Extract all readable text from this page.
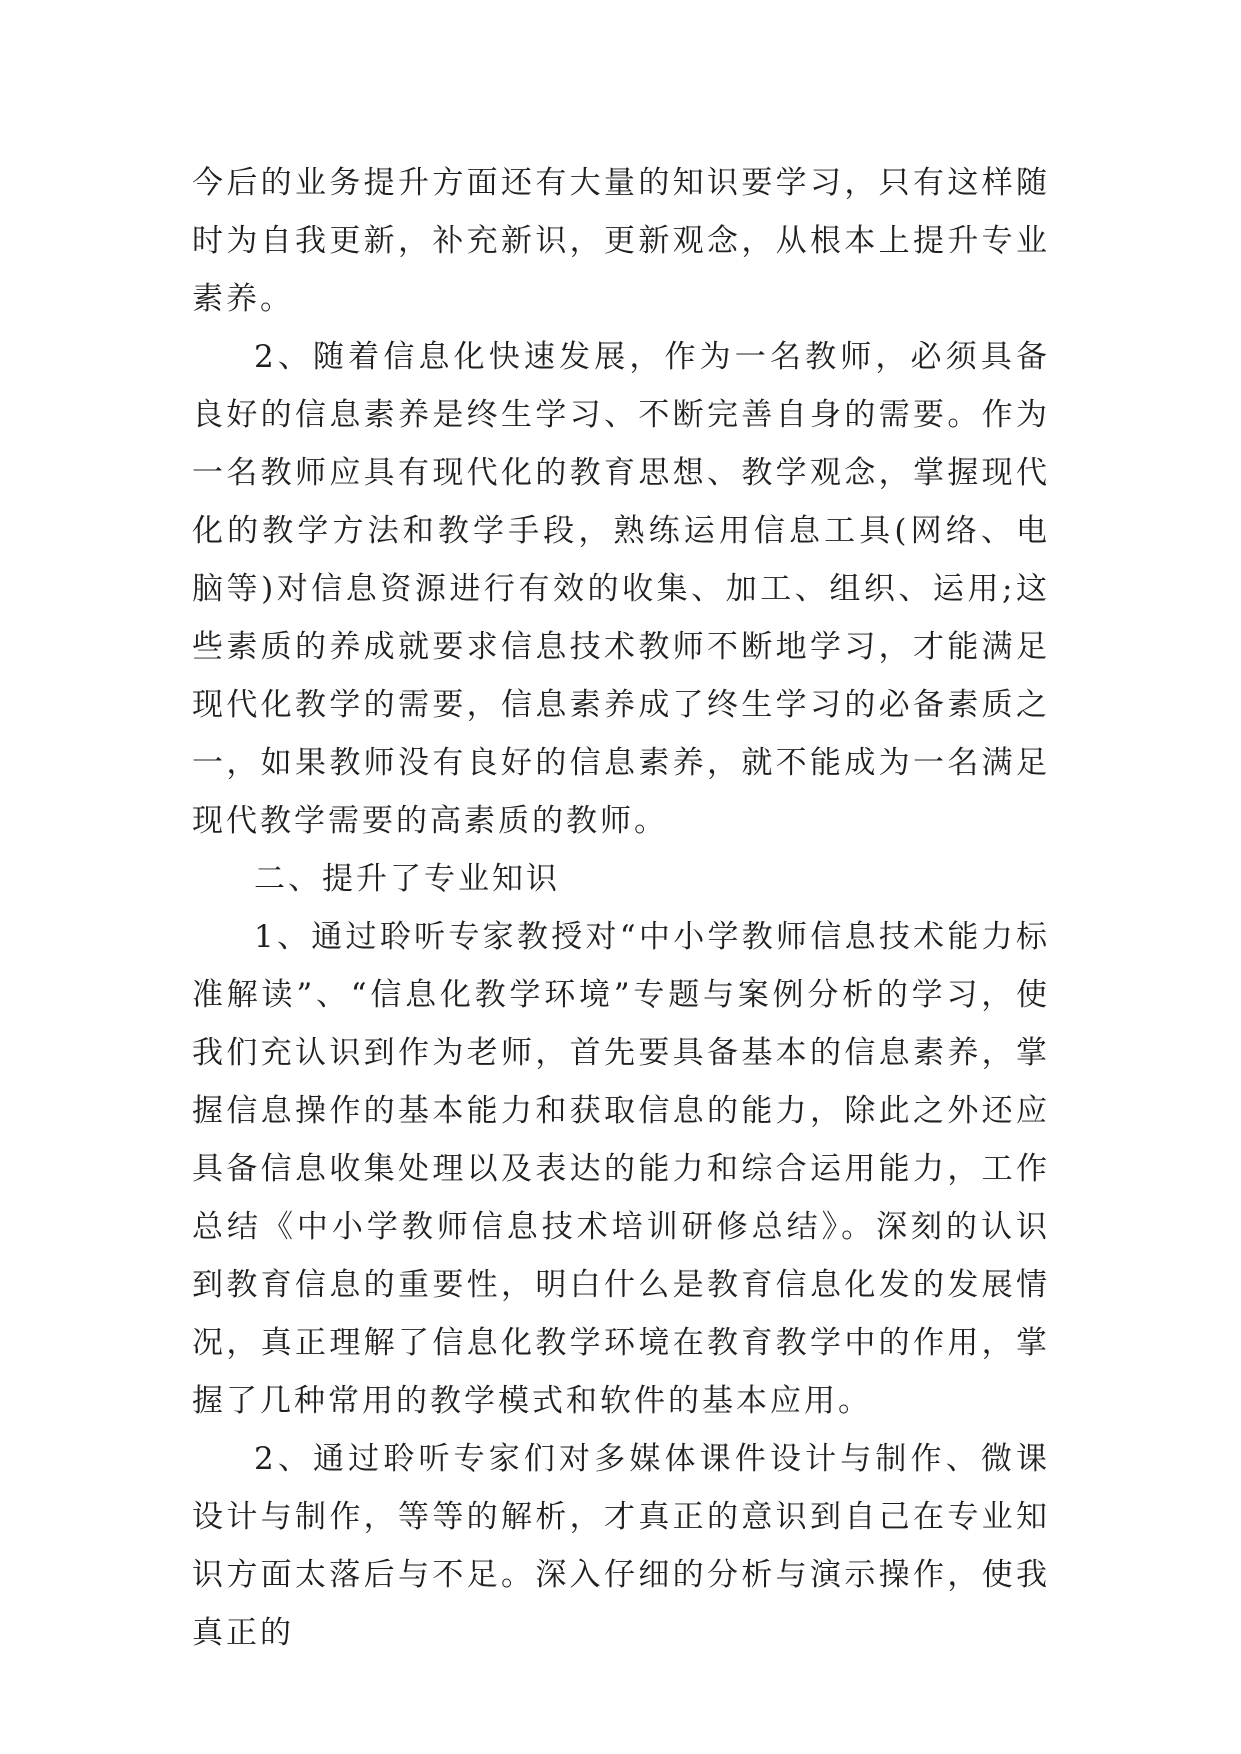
今后的业务提升方面还有大量的知识要学习，只有这样随时为自我更新，补充新识，更新观念，从根本上提升专业素养。

2、随着信息化快速发展，作为一名教师，必须具备良好的信息素养是终生学习、不断完善自身的需要。作为一名教师应具有现代化的教育思想、教学观念，掌握现代化的教学方法和教学手段，熟练运用信息工具(网络、电脑等)对信息资源进行有效的收集、加工、组织、运用;这些素质的养成就要求信息技术教师不断地学习，才能满足现代化教学的需要，信息素养成了终生学习的必备素质之一，如果教师没有良好的信息素养，就不能成为一名满足现代教学需要的高素质的教师。

二、提升了专业知识

1、通过聆听专家教授对“中小学教师信息技术能力标准解读”、“信息化教学环境”专题与案例分析的学习，使我们充认识到作为老师，首先要具备基本的信息素养，掌握信息操作的基本能力和获取信息的能力，除此之外还应具备信息收集处理以及表达的能力和综合运用能力，工作总结《中小学教师信息技术培训研修总结》。深刻的认识到教育信息的重要性，明白什么是教育信息化发的发展情况，真正理解了信息化教学环境在教育教学中的作用，掌握了几种常用的教学模式和软件的基本应用。

2、通过聆听专家们对多媒体课件设计与制作、微课设计与制作，等等的解析，才真正的意识到自己在专业知识方面太落后与不足。深入仔细的分析与演示操作，使我真正的
